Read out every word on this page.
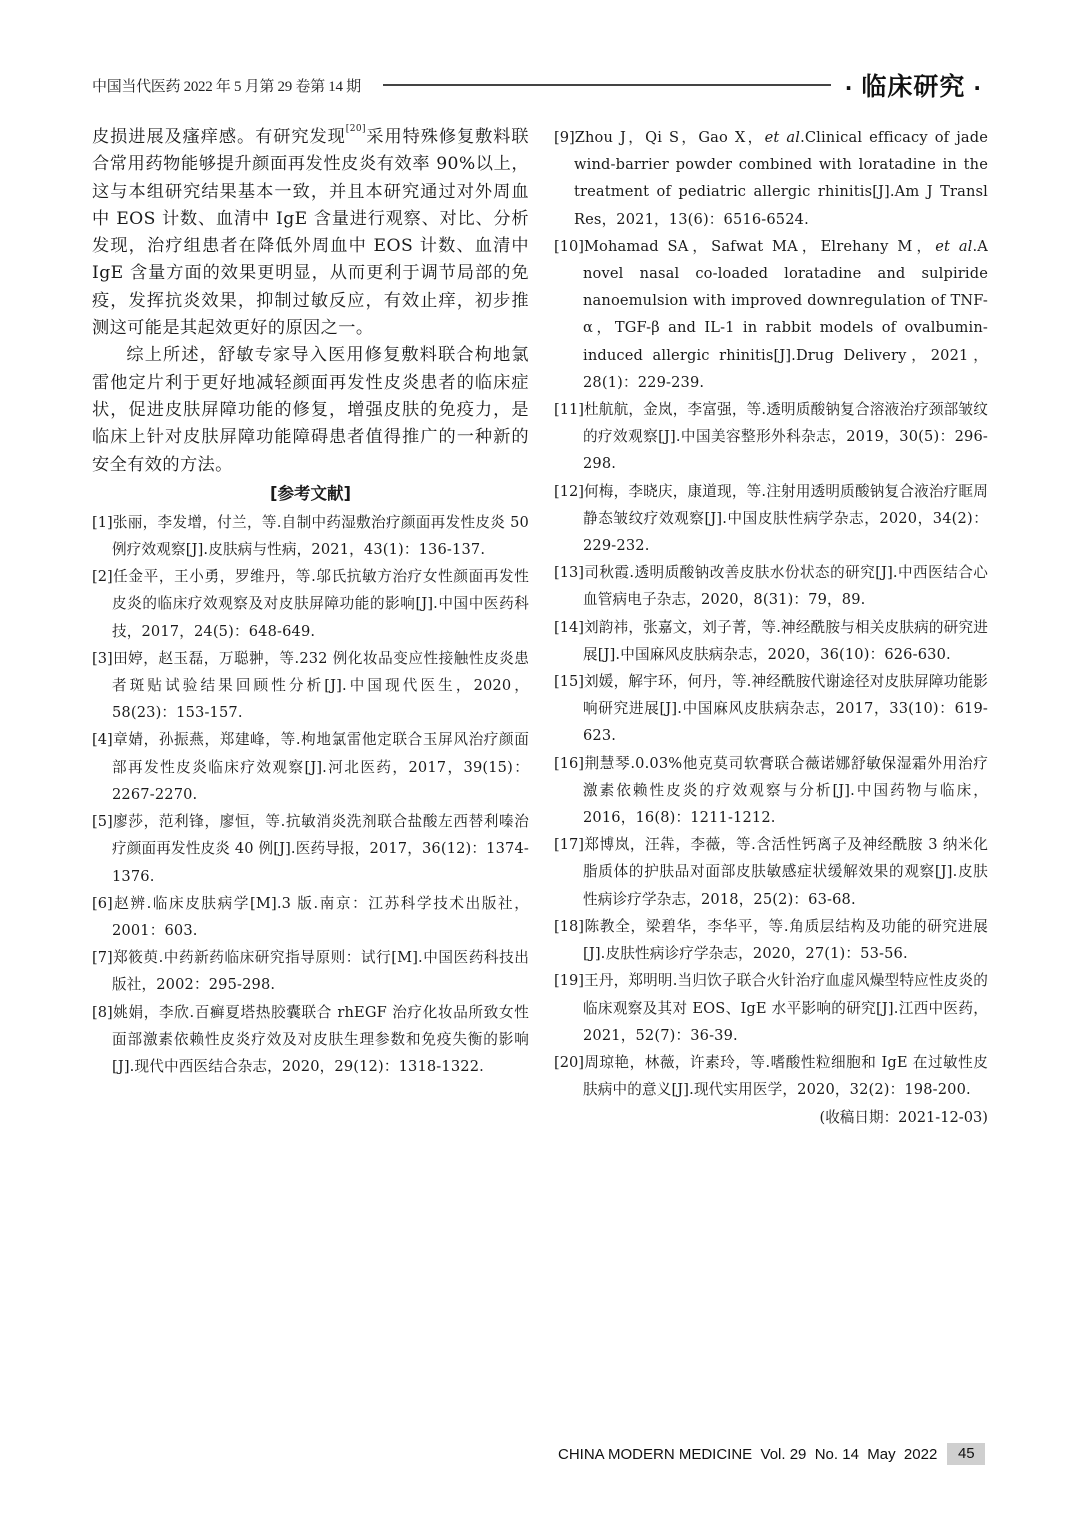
中国当代医药 2022 年 5 月第 29 卷第 14 期	· 临床研究 ·

皮损进展及瘙痒感。有研究发现[20]采用特殊修复敷料联合常用药物能够提升颜面再发性皮炎有效率 90%以上，这与本组研究结果基本一致，并且本研究通过对外周血中 EOS 计数、血清中 IgE 含量进行观察、对比、分析发现，治疗组患者在降低外周血中 EOS 计数、血清中 IgE 含量方面的效果更明显，从而更利于调节局部的免疫，发挥抗炎效果，抑制过敏反应，有效止痒，初步推测这可能是其起效更好的原因之一。

综上所述，舒敏专家导入医用修复敷料联合枸地氯雷他定片利于更好地减轻颜面再发性皮炎患者的临床症状，促进皮肤屏障功能的修复，增强皮肤的免疫力，是临床上针对皮肤屏障功能障碍患者值得推广的一种新的安全有效的方法。

[参考文献]

[1]张丽，李发增，付兰，等.自制中药湿敷治疗颜面再发性皮炎 50 例疗效观察[J].皮肤病与性病，2021，43(1)：136-137.

[2]任金平，王小勇，罗维丹，等.邬氏抗敏方治疗女性颜面再发性皮炎的临床疗效观察及对皮肤屏障功能的影响[J].中国中医药科技，2017，24(5)：648-649.

[3]田婷，赵玉磊，万聪翀，等.232 例化妆品变应性接触性皮炎患者斑贴试验结果回顾性分析[J].中国现代医生，2020，58(23)：153-157.

[4]章婧，孙振燕，郑建峰，等.枸地氯雷他定联合玉屏风治疗颜面部再发性皮炎临床疗效观察[J].河北医药，2017，39(15)：2267-2270.

[5]廖莎，范利锋，廖恒，等.抗敏消炎洗剂联合盐酸左西替利嗪治疗颜面再发性皮炎 40 例[J].医药导报，2017，36(12)：1374-1376.

[6]赵辨.临床皮肤病学[M].3 版.南京：江苏科学技术出版社，2001：603.

[7]郑筱萸.中药新药临床研究指导原则：试行[M].中国医药科技出版社，2002：295-298.

[8]姚娟，李欣.百癣夏塔热胶囊联合 rhEGF 治疗化妆品所致女性面部激素依赖性皮炎疗效及对皮肤生理参数和免疫失衡的影响[J].现代中西医结合杂志，2020，29(12)：1318-1322.

[9]Zhou J，Qi S，Gao X，et al.Clinical efficacy of jade wind-barrier powder combined with loratadine in the treatment of pediatric allergic rhinitis[J].Am J Transl Res，2021，13(6)：6516-6524.

[10]Mohamad SA，Safwat MA，Elrehany M，et al.A novel nasal co-loaded loratadine and sulpiride nanoemulsion with improved downregulation of TNF-α，TGF-β and IL-1 in rabbit models of ovalbumin-induced allergic rhinitis[J].Drug Delivery，2021，28(1)：229-239.

[11]杜航航，金岚，李富强，等.透明质酸钠复合溶液治疗颈部皱纹的疗效观察[J].中国美容整形外科杂志，2019，30(5)：296-298.

[12]何梅，李晓庆，康道现，等.注射用透明质酸钠复合液治疗眶周静态皱纹疗效观察[J].中国皮肤性病学杂志，2020，34(2)：229-232.

[13]司秋霞.透明质酸钠改善皮肤水份状态的研究[J].中西医结合心血管病电子杂志，2020，8(31)：79，89.

[14]刘韵祎，张嘉文，刘子菁，等.神经酰胺与相关皮肤病的研究进展[J].中国麻风皮肤病杂志，2020，36(10)：626-630.

[15]刘媛，解宇环，何丹，等.神经酰胺代谢途径对皮肤屏障功能影响研究进展[J].中国麻风皮肤病杂志，2017，33(10)：619-623.

[16]荆慧琴.0.03%他克莫司软膏联合薇诺娜舒敏保湿霜外用治疗激素依赖性皮炎的疗效观察与分析[J].中国药物与临床，2016，16(8)：1211-1212.

[17]郑博岚，汪犇，李薇，等.含活性钙离子及神经酰胺 3 纳米化脂质体的护肤品对面部皮肤敏感症状缓解效果的观察[J].皮肤性病诊疗学杂志，2018，25(2)：63-68.

[18]陈教全，梁碧华，李华平，等.角质层结构及功能的研究进展[J].皮肤性病诊疗学杂志，2020，27(1)：53-56.

[19]王丹，郑明明.当归饮子联合火针治疗血虚风燥型特应性皮炎的临床观察及其对 EOS、IgE 水平影响的研究[J].江西中医药，2021，52(7)：36-39.

[20]周琼艳，林薇，许素玲，等.嗜酸性粒细胞和 IgE 在过敏性皮肤病中的意义[J].现代实用医学，2020，32(2)：198-200.

(收稿日期：2021-12-03)
CHINA MODERN MEDICINE  Vol. 29  No. 14  May  2022	45
